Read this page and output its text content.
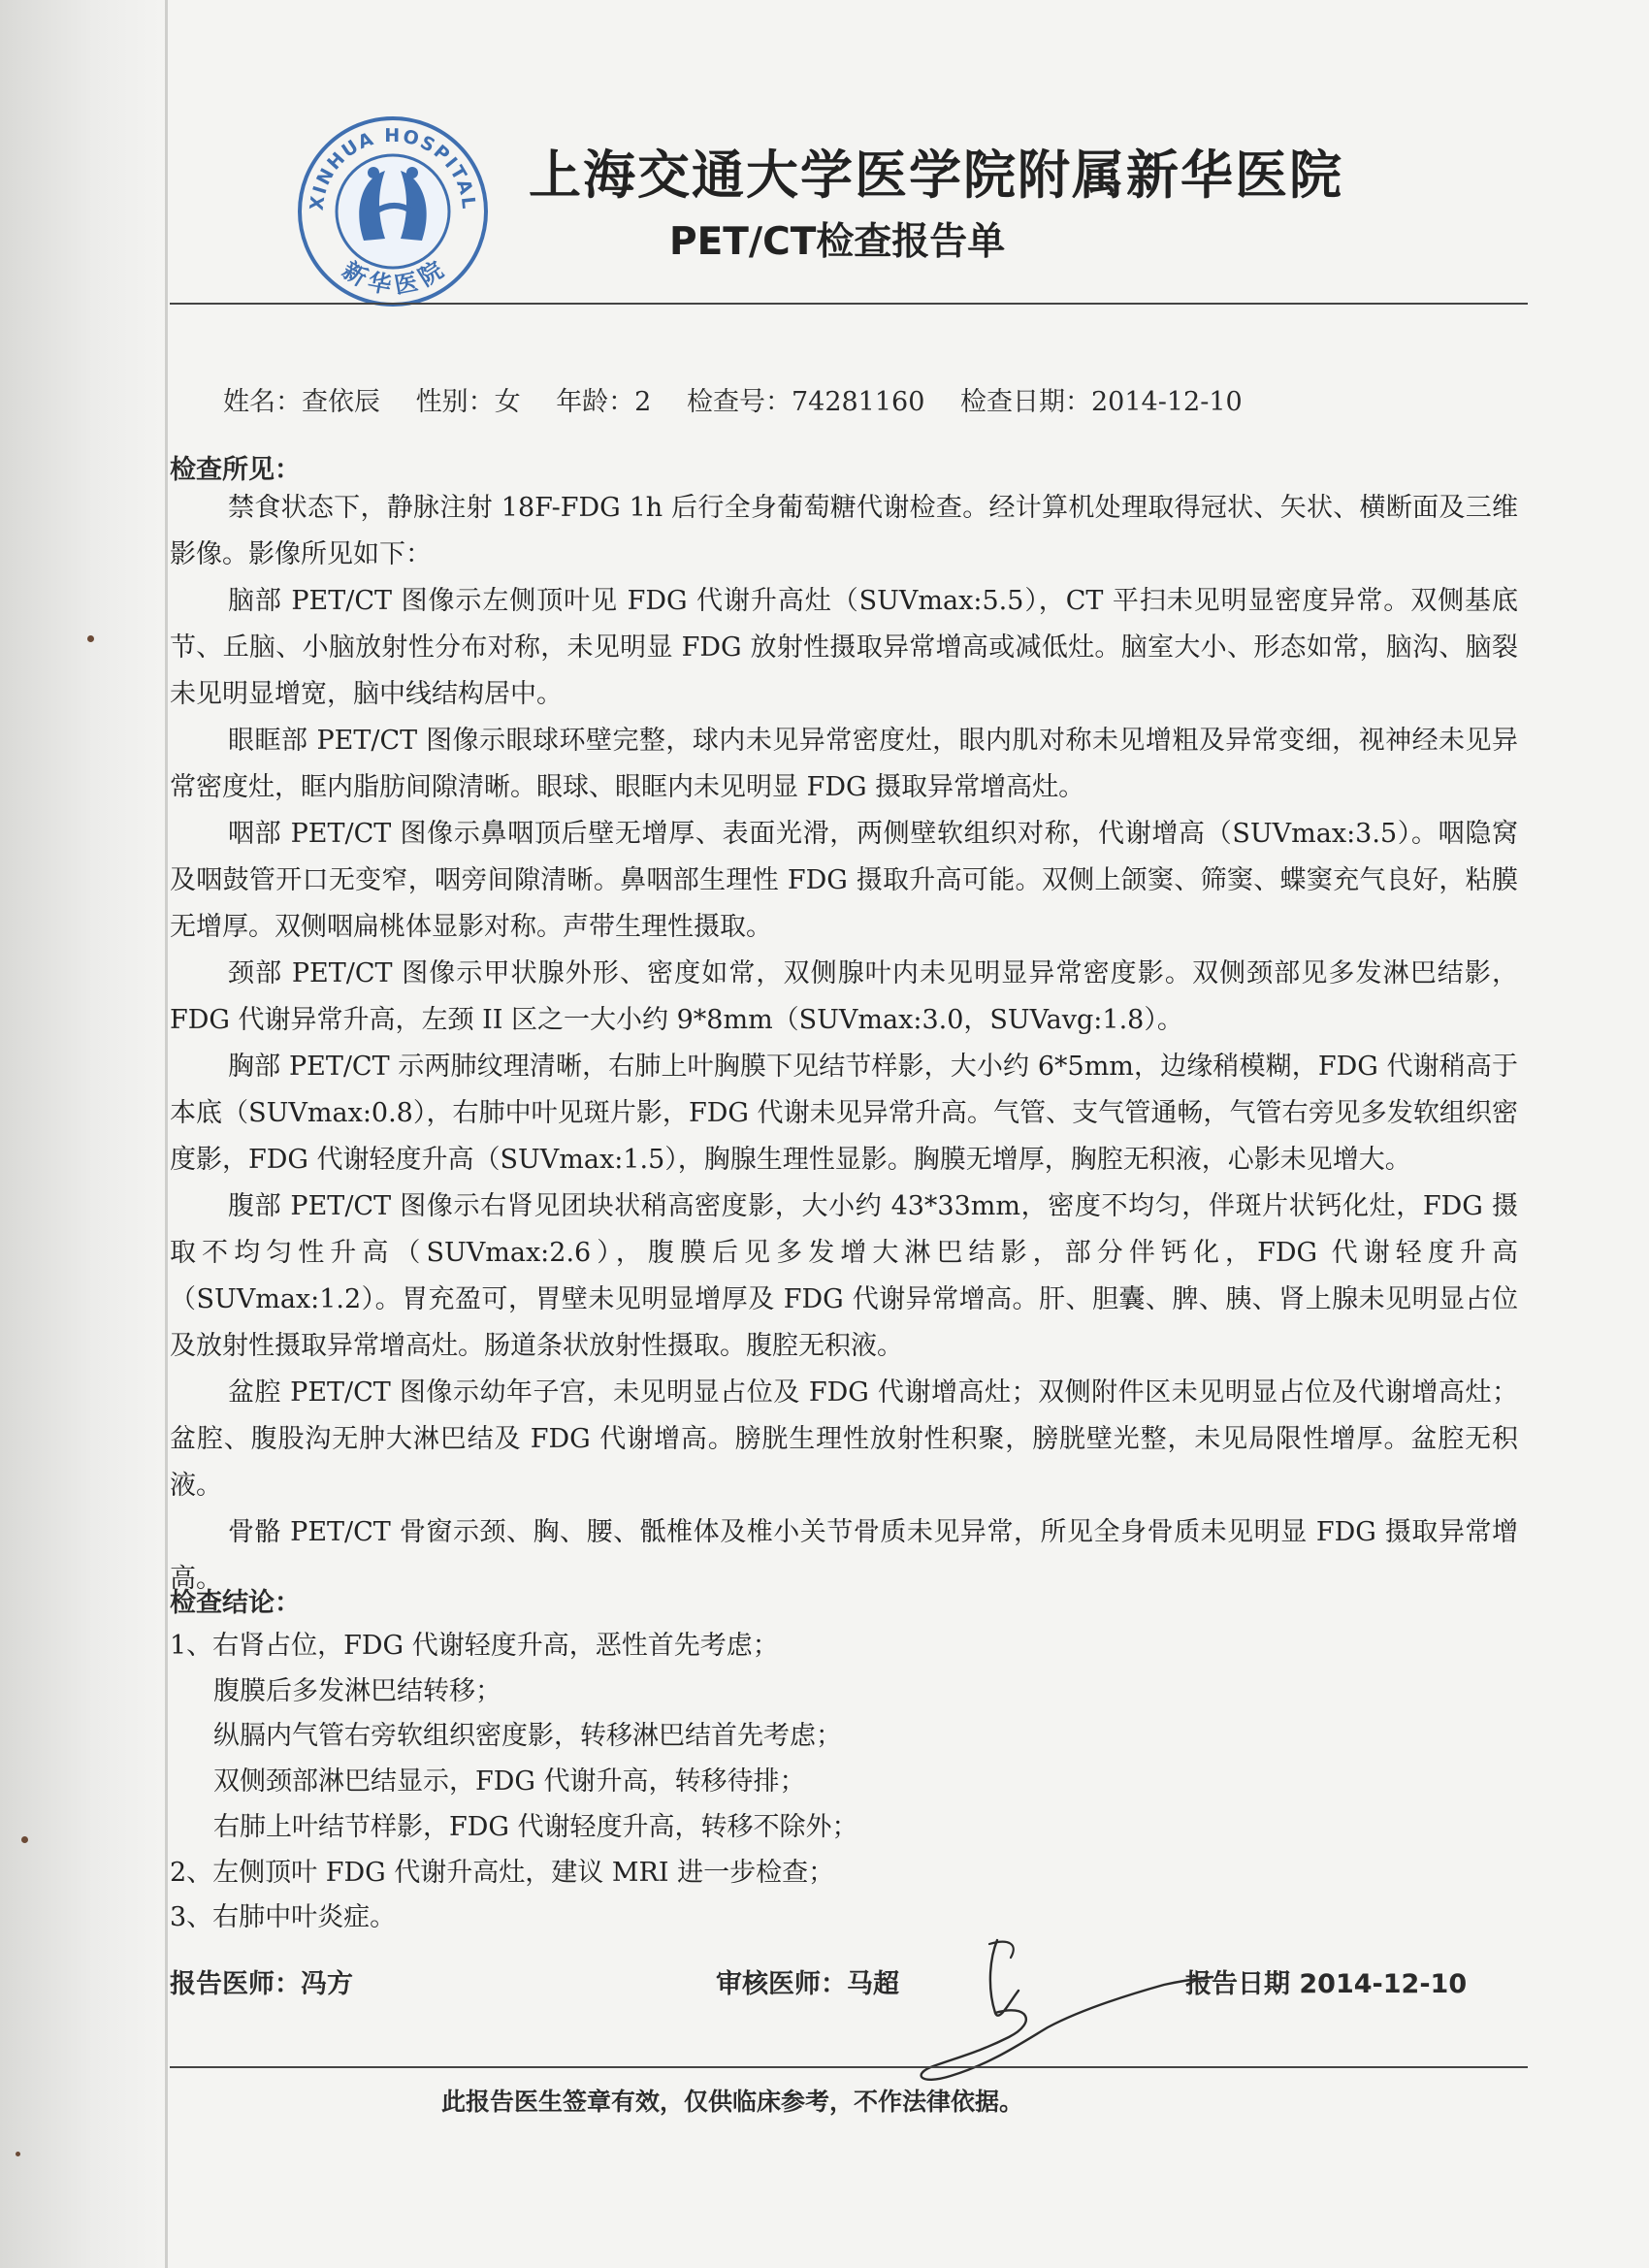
XINHUA HOSPITAL
新华医院
上海交通大学医学院附属新华医院
PET/CT检查报告单
姓名：查依辰 性别：女 年龄：2 检查号：74281160 检查日期：2014-12-10
检查所见：

禁食状态下，静脉注射 18F-FDG 1h 后行全身葡萄糖代谢检查。经计算机处理取得冠状、矢状、横断面及三维影像。影像所见如下：

脑部 PET/CT 图像示左侧顶叶见 FDG 代谢升高灶（SUVmax:5.5），CT 平扫未见明显密度异常。双侧基底节、丘脑、小脑放射性分布对称，未见明显 FDG 放射性摄取异常增高或减低灶。脑室大小、形态如常，脑沟、脑裂未见明显增宽，脑中线结构居中。

眼眶部 PET/CT 图像示眼球环壁完整，球内未见异常密度灶，眼内肌对称未见增粗及异常变细，视神经未见异常密度灶，眶内脂肪间隙清晰。眼球、眼眶内未见明显 FDG 摄取异常增高灶。

咽部 PET/CT 图像示鼻咽顶后壁无增厚、表面光滑，两侧壁软组织对称，代谢增高（SUVmax:3.5）。咽隐窝及咽鼓管开口无变窄，咽旁间隙清晰。鼻咽部生理性 FDG 摄取升高可能。双侧上颌窦、筛窦、蝶窦充气良好，粘膜无增厚。双侧咽扁桃体显影对称。声带生理性摄取。

颈部 PET/CT 图像示甲状腺外形、密度如常，双侧腺叶内未见明显异常密度影。双侧颈部见多发淋巴结影，FDG 代谢异常升高，左颈 II 区之一大小约 9*8mm（SUVmax:3.0，SUVavg:1.8）。

胸部 PET/CT 示两肺纹理清晰，右肺上叶胸膜下见结节样影，大小约 6*5mm，边缘稍模糊，FDG 代谢稍高于本底（SUVmax:0.8），右肺中叶见斑片影，FDG 代谢未见异常升高。气管、支气管通畅，气管右旁见多发软组织密度影，FDG 代谢轻度升高（SUVmax:1.5），胸腺生理性显影。胸膜无增厚，胸腔无积液，心影未见增大。

腹部 PET/CT 图像示右肾见团块状稍高密度影，大小约 43*33mm，密度不均匀，伴斑片状钙化灶，FDG 摄取不均匀性升高（SUVmax:2.6），腹膜后见多发增大淋巴结影，部分伴钙化，FDG 代谢轻度升高（SUVmax:1.2）。胃充盈可，胃壁未见明显增厚及 FDG 代谢异常增高。肝、胆囊、脾、胰、肾上腺未见明显占位及放射性摄取异常增高灶。肠道条状放射性摄取。腹腔无积液。

盆腔 PET/CT 图像示幼年子宫，未见明显占位及 FDG 代谢增高灶；双侧附件区未见明显占位及代谢增高灶；盆腔、腹股沟无肿大淋巴结及 FDG 代谢增高。膀胱生理性放射性积聚，膀胱壁光整，未见局限性增厚。盆腔无积液。

骨骼 PET/CT 骨窗示颈、胸、腰、骶椎体及椎小关节骨质未见异常，所见全身骨质未见明显 FDG 摄取异常增高。

检查结论：
1、右肾占位，FDG 代谢轻度升高，恶性首先考虑；
腹膜后多发淋巴结转移；
纵膈内气管右旁软组织密度影，转移淋巴结首先考虑；
双侧颈部淋巴结显示，FDG 代谢升高，转移待排；
右肺上叶结节样影，FDG 代谢轻度升高，转移不除外；
2、左侧顶叶 FDG 代谢升高灶，建议 MRI 进一步检查；
3、右肺中叶炎症。
报告医师：冯方	审核医师：马超	报告日期 2014-12-10
此报告医生签章有效，仅供临床参考，不作法律依据。
